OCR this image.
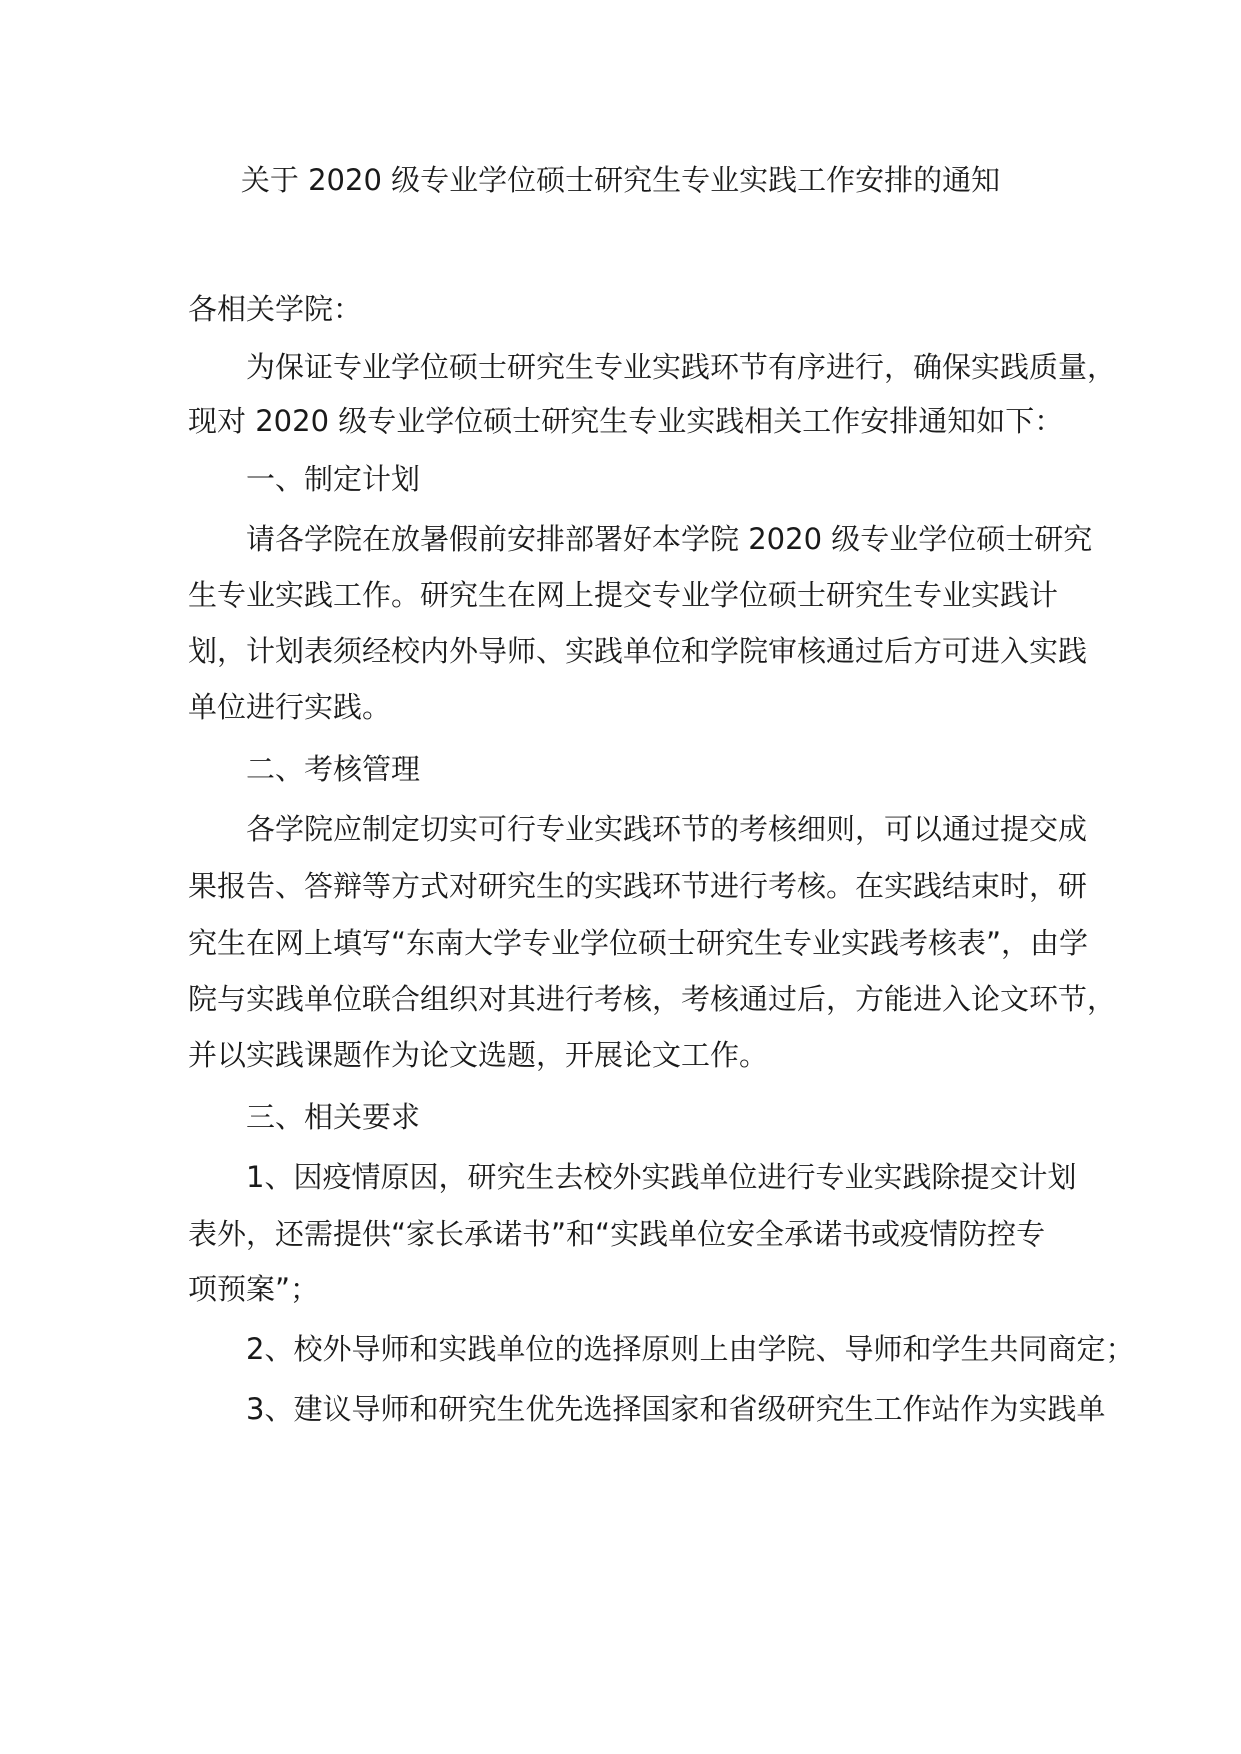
关于 2020 级专业学位硕士研究生专业实践工作安排的通知
各相关学院：
为保证专业学位硕士研究生专业实践环节有序进行，确保实践质量，
现对 2020 级专业学位硕士研究生专业实践相关工作安排通知如下：
一、制定计划
请各学院在放暑假前安排部署好本学院 2020 级专业学位硕士研究
生专业实践工作。研究生在网上提交专业学位硕士研究生专业实践计
划，计划表须经校内外导师、实践单位和学院审核通过后方可进入实践
单位进行实践。
二、考核管理
各学院应制定切实可行专业实践环节的考核细则，可以通过提交成
果报告、答辩等方式对研究生的实践环节进行考核。在实践结束时，研
究生在网上填写“东南大学专业学位硕士研究生专业实践考核表”，由学
院与实践单位联合组织对其进行考核，考核通过后，方能进入论文环节，
并以实践课题作为论文选题，开展论文工作。
三、相关要求
1、因疫情原因，研究生去校外实践单位进行专业实践除提交计划
表外，还需提供“家长承诺书”和“实践单位安全承诺书或疫情防控专
项预案”；
2、校外导师和实践单位的选择原则上由学院、导师和学生共同商定；
3、建议导师和研究生优先选择国家和省级研究生工作站作为实践单
